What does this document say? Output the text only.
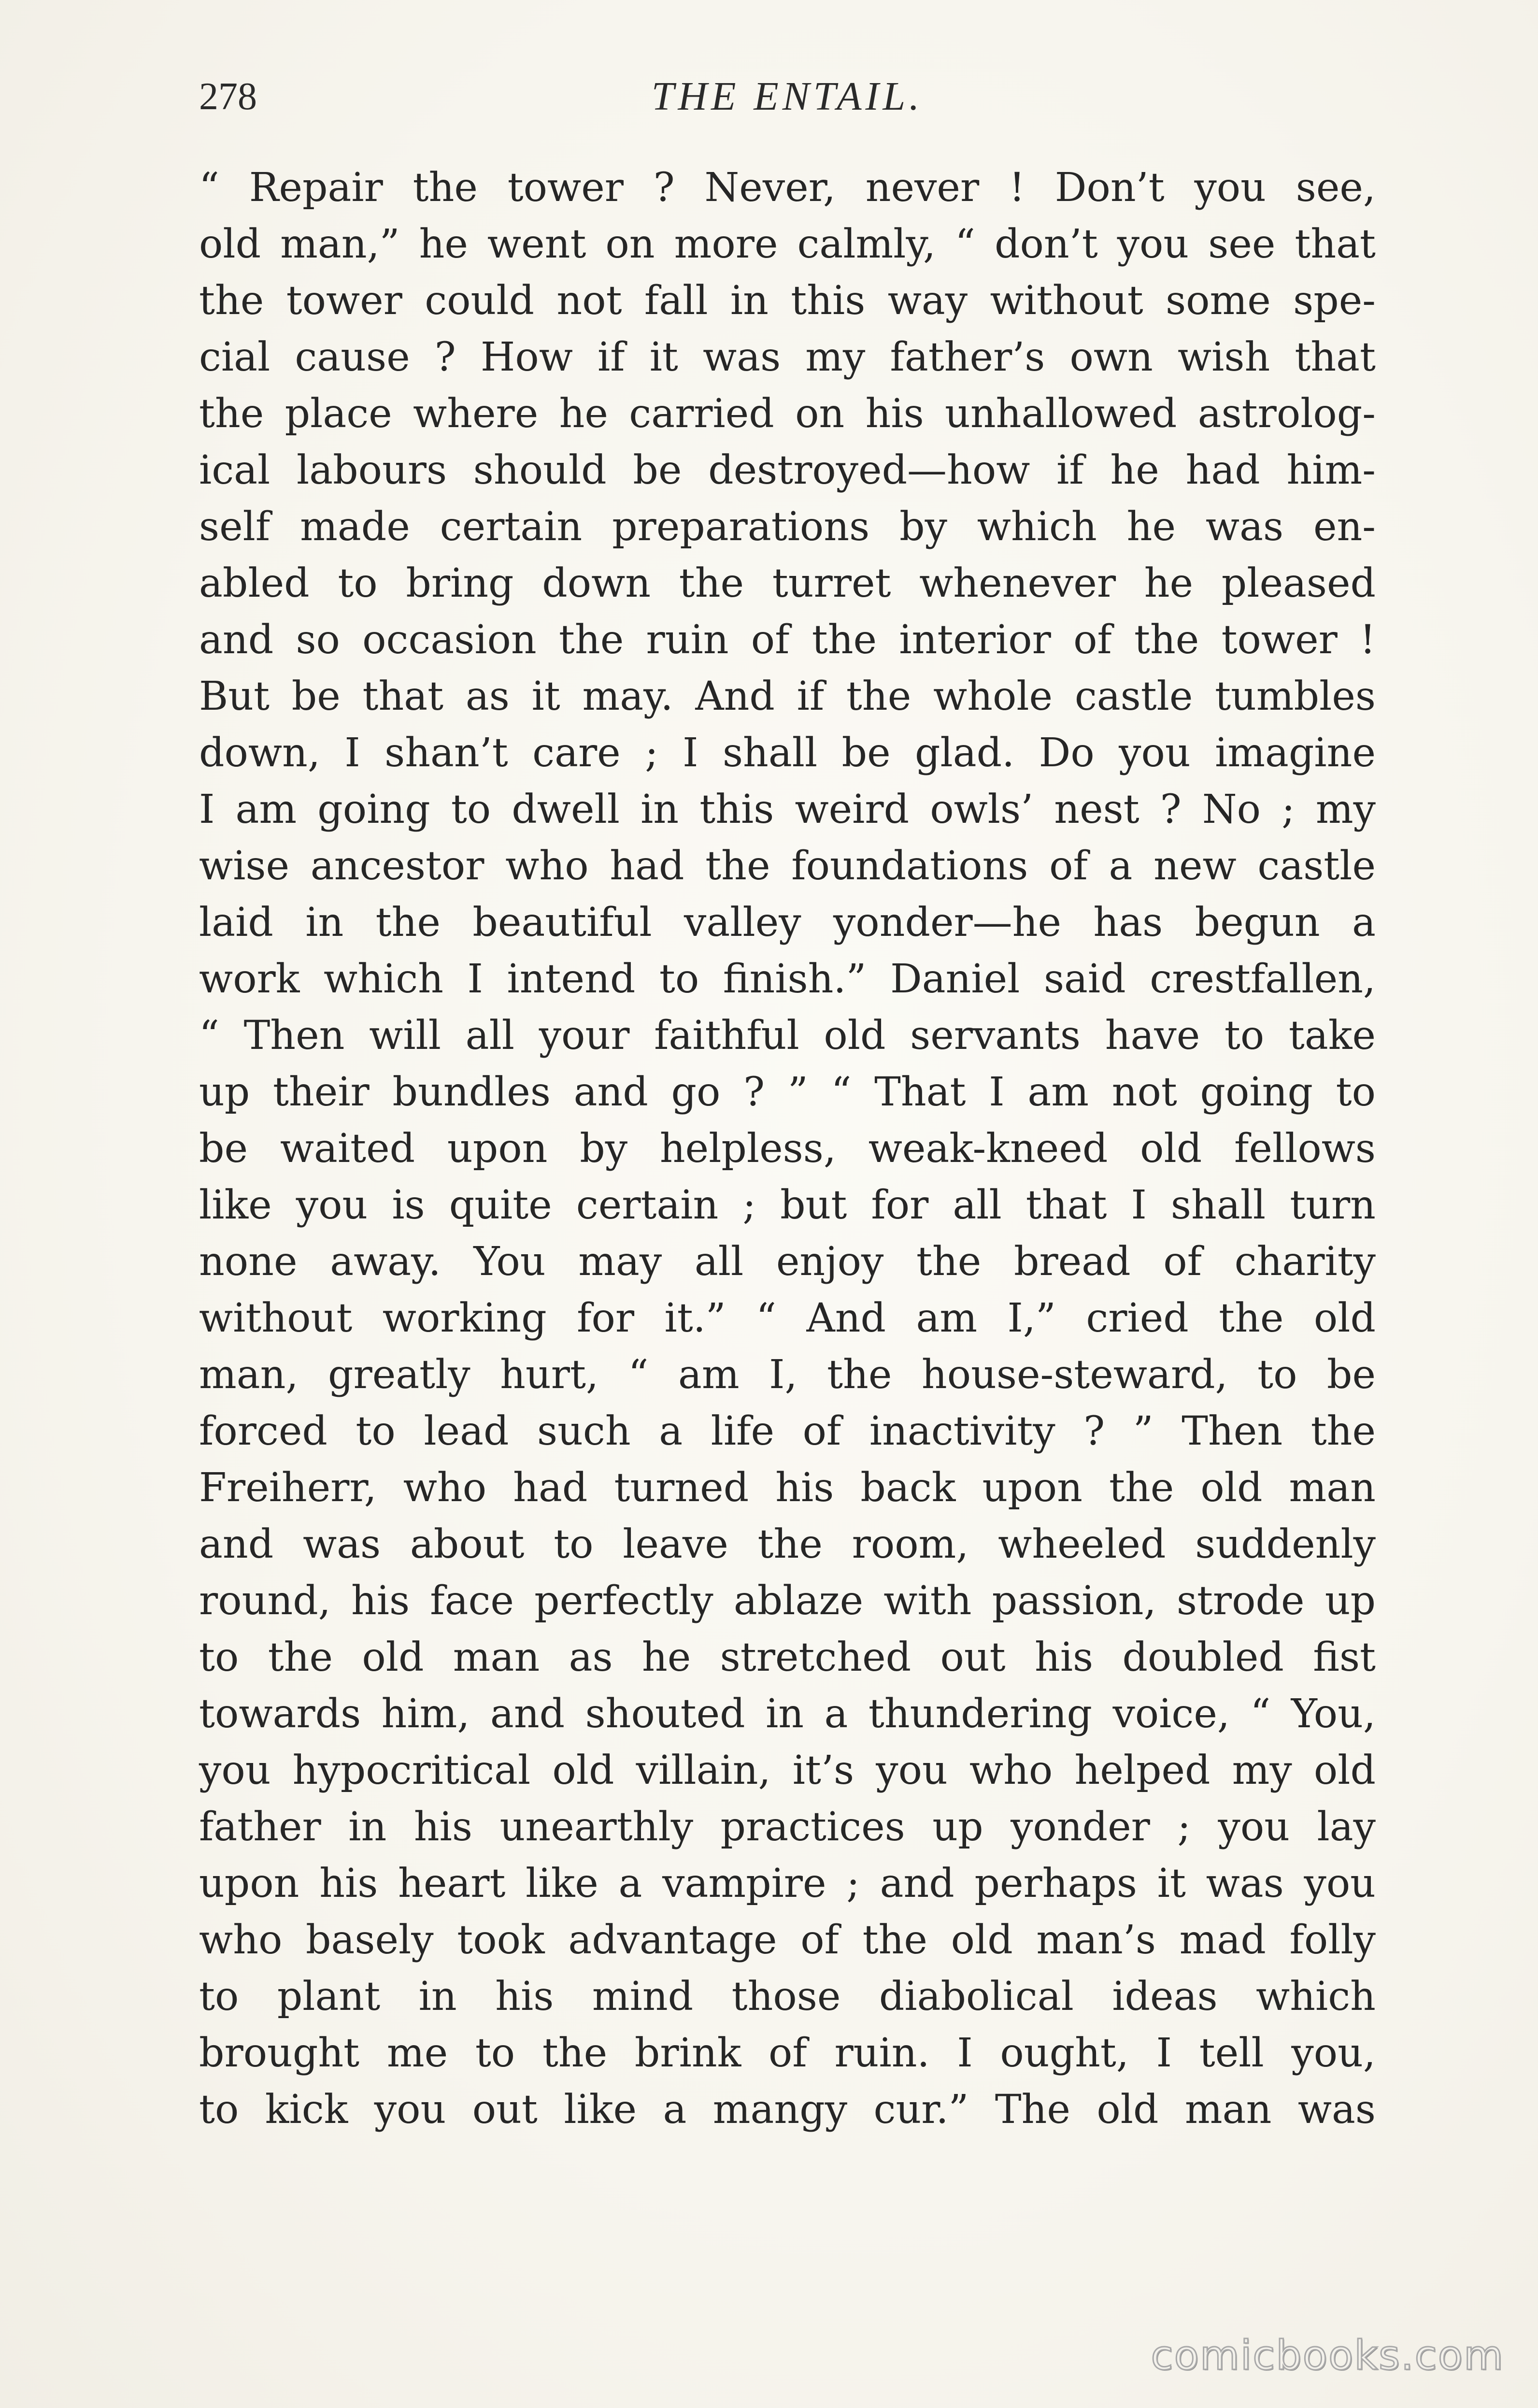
278	THE ENTAIL.
“ Repair the tower ? Never, never ! Don’t you see,
old man,” he went on more calmly, “ don’t you see that
the tower could not fall in this way without some spe-
cial cause ? How if it was my father’s own wish that
the place where he carried on his unhallowed astrolog-
ical labours should be destroyed—how if he had him-
self made certain preparations by which he was en-
abled to bring down the turret whenever he pleased
and so occasion the ruin of the interior of the tower !
But be that as it may. And if the whole castle tumbles
down, I shan’t care ; I shall be glad. Do you imagine
I am going to dwell in this weird owls’ nest ? No ; my
wise ancestor who had the foundations of a new castle
laid in the beautiful valley yonder—he has begun a
work which I intend to finish.” Daniel said crestfallen,
“ Then will all your faithful old servants have to take
up their bundles and go ? ” “ That I am not going to
be waited upon by helpless, weak-kneed old fellows
like you is quite certain ; but for all that I shall turn
none away. You may all enjoy the bread of charity
without working for it.” “ And am I,” cried the old
man, greatly hurt, “ am I, the house-steward, to be
forced to lead such a life of inactivity ? ” Then the
Freiherr, who had turned his back upon the old man
and was about to leave the room, wheeled suddenly
round, his face perfectly ablaze with passion, strode up
to the old man as he stretched out his doubled fist
towards him, and shouted in a thundering voice, “ You,
you hypocritical old villain, it’s you who helped my old
father in his unearthly practices up yonder ; you lay
upon his heart like a vampire ; and perhaps it was you
who basely took advantage of the old man’s mad folly
to plant in his mind those diabolical ideas which
brought me to the brink of ruin. I ought, I tell you,
to kick you out like a mangy cur.” The old man was
comicbooks.com
